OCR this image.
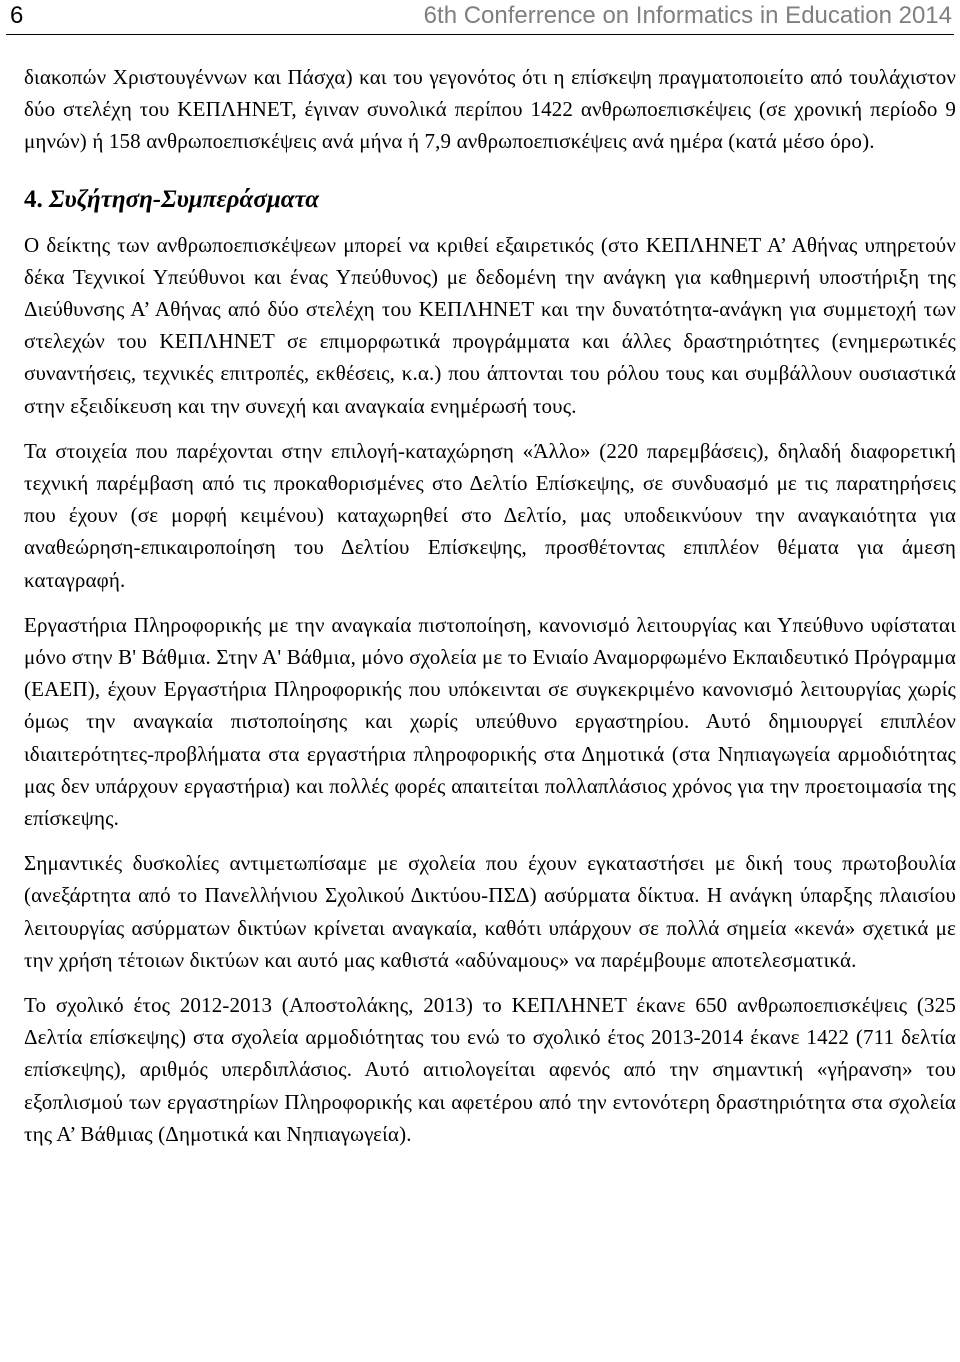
6	6th Conferrence on Informatics in Education 2014

διακοπών Χριστουγέννων και Πάσχα) και του γεγονότος ότι η επίσκεψη πραγματοποιείτο από τουλάχιστον δύο στελέχη του ΚΕΠΛΗΝΕΤ, έγιναν συνολικά περίπου 1422 ανθρωποεπισκέψεις (σε χρονική περίοδο 9 μηνών) ή 158 ανθρωποεπισκέψεις ανά μήνα ή 7,9 ανθρωποεπισκέψεις ανά ημέρα (κατά μέσο όρο).

4. Συζήτηση-Συμπεράσματα

Ο δείκτης των ανθρωποεπισκέψεων μπορεί να κριθεί εξαιρετικός (στο ΚΕΠΛΗΝΕΤ Α’ Αθήνας υπηρετούν δέκα Τεχνικοί Υπεύθυνοι και ένας Υπεύθυνος) με δεδομένη την ανάγκη για καθημερινή υποστήριξη της Διεύθυνσης Α’ Αθήνας από δύο στελέχη του ΚΕΠΛΗΝΕΤ και την δυνατότητα-ανάγκη για συμμετοχή των στελεχών του ΚΕΠΛΗΝΕΤ σε επιμορφωτικά προγράμματα και άλλες δραστηριότητες (ενημερωτικές συναντήσεις, τεχνικές επιτροπές, εκθέσεις, κ.α.) που άπτονται του ρόλου τους και συμβάλλουν ουσιαστικά στην εξειδίκευση και την συνεχή και αναγκαία ενημέρωσή τους.

Τα στοιχεία που παρέχονται στην επιλογή-καταχώρηση «Άλλο» (220 παρεμβάσεις), δηλαδή διαφορετική τεχνική παρέμβαση από τις προκαθορισμένες στο Δελτίο Επίσκεψης, σε συνδυασμό με τις παρατηρήσεις που έχουν (σε μορφή κειμένου) καταχωρηθεί στο Δελτίο, μας υποδεικνύουν την αναγκαιότητα για αναθεώρηση-επικαιροποίηση του Δελτίου Επίσκεψης, προσθέτοντας επιπλέον θέματα για άμεση καταγραφή.

Εργαστήρια Πληροφορικής με την αναγκαία πιστοποίηση, κανονισμό λειτουργίας και Υπεύθυνο υφίσταται μόνο στην Β' Βάθμια. Στην Α' Βάθμια, μόνο σχολεία με το Ενιαίο Αναμορφωμένο Εκπαιδευτικό Πρόγραμμα (ΕΑΕΠ), έχουν Εργαστήρια Πληροφορικής που υπόκεινται σε συγκεκριμένο κανονισμό λειτουργίας χωρίς όμως την αναγκαία πιστοποίησης και χωρίς υπεύθυνο εργαστηρίου. Αυτό δημιουργεί επιπλέον ιδιαιτερότητες-προβλήματα στα εργαστήρια πληροφορικής στα Δημοτικά (στα Νηπιαγωγεία αρμοδιότητας μας δεν υπάρχουν εργαστήρια) και πολλές φορές απαιτείται πολλαπλάσιος χρόνος για την προετοιμασία της επίσκεψης.

Σημαντικές δυσκολίες αντιμετωπίσαμε με σχολεία που έχουν εγκαταστήσει με δική τους πρωτοβουλία (ανεξάρτητα από το Πανελλήνιου Σχολικού Δικτύου-ΠΣΔ) ασύρματα δίκτυα. Η ανάγκη ύπαρξης πλαισίου λειτουργίας ασύρματων δικτύων κρίνεται αναγκαία, καθότι υπάρχουν σε πολλά σημεία «κενά» σχετικά με την χρήση τέτοιων δικτύων και αυτό μας καθιστά «αδύναμους» να παρέμβουμε αποτελεσματικά.

Το σχολικό έτος 2012-2013 (Αποστολάκης, 2013) το ΚΕΠΛΗΝΕΤ έκανε 650 ανθρωποεπισκέψεις (325 Δελτία επίσκεψης) στα σχολεία αρμοδιότητας του ενώ το σχολικό έτος 2013-2014 έκανε 1422 (711 δελτία επίσκεψης), αριθμός υπερδιπλάσιος. Αυτό αιτιολογείται αφενός από την σημαντική «γήρανση» του εξοπλισμού των εργαστηρίων Πληροφορικής και αφετέρου από την εντονότερη δραστηριότητα στα σχολεία της Α’ Βάθμιας (Δημοτικά και Νηπιαγωγεία).
